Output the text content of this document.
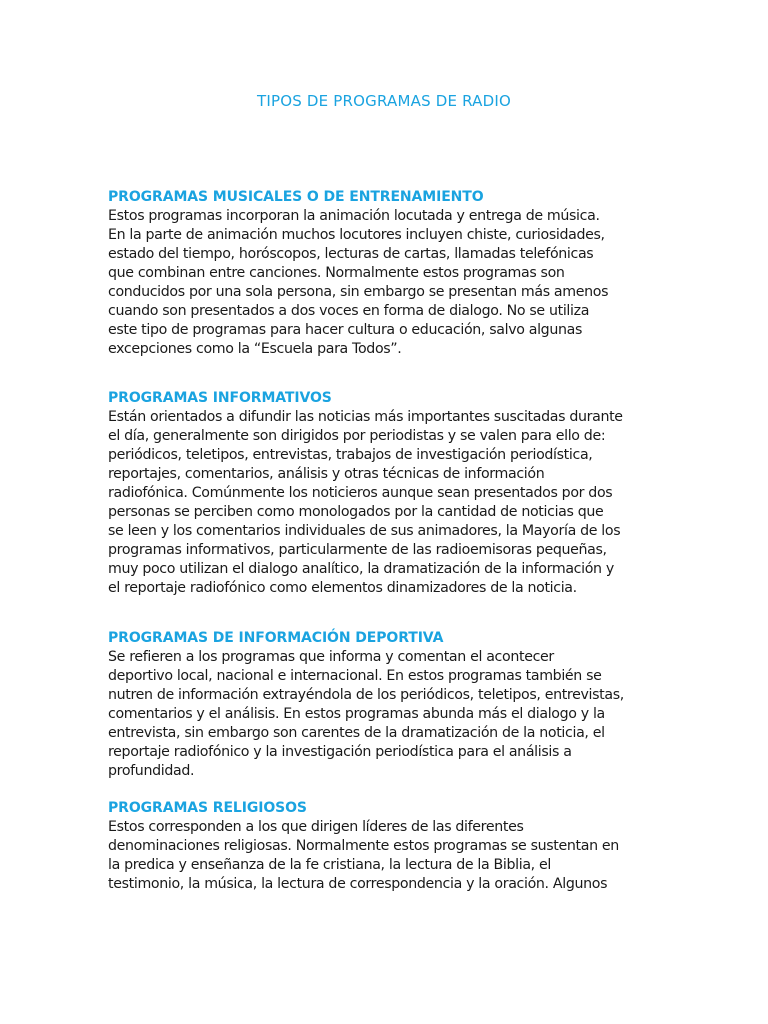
TIPOS DE PROGRAMAS DE RADIO
PROGRAMAS MUSICALES O DE ENTRENAMIENTO

Estos programas incorporan la animación locutada y entrega de música.
En la parte de animación muchos locutores incluyen chiste, curiosidades,
estado del tiempo, horóscopos, lecturas de cartas, llamadas telefónicas
que combinan entre canciones. Normalmente estos programas son
conducidos por una sola persona, sin embargo se presentan más amenos
cuando son presentados a dos voces en forma de dialogo. No se utiliza
este tipo de programas para hacer cultura o educación, salvo algunas
excepciones como la “Escuela para Todos”.

PROGRAMAS INFORMATIVOS

Están orientados a difundir las noticias más importantes suscitadas durante
el día, generalmente son dirigidos por periodistas y se valen para ello de:
periódicos, teletipos, entrevistas, trabajos de investigación periodística,
reportajes, comentarios, análisis y otras técnicas de información
radiofónica. Comúnmente los noticieros aunque sean presentados por dos
personas se perciben como monologados por la cantidad de noticias que
se leen y los comentarios individuales de sus animadores, la Mayoría de los
programas informativos, particularmente de las radioemisoras pequeñas,
muy poco utilizan el dialogo analítico, la dramatización de la información y
el reportaje radiofónico como elementos dinamizadores de la noticia.

PROGRAMAS DE INFORMACIÓN DEPORTIVA

Se refieren a los programas que informa y comentan el acontecer
deportivo local, nacional e internacional. En estos programas también se
nutren de información extrayéndola de los periódicos, teletipos, entrevistas,
comentarios y el análisis. En estos programas abunda más el dialogo y la
entrevista, sin embargo son carentes de la dramatización de la noticia, el
reportaje radiofónico y la investigación periodística para el análisis a
profundidad.

PROGRAMAS RELIGIOSOS

Estos corresponden a los que dirigen líderes de las diferentes
denominaciones religiosas. Normalmente estos programas se sustentan en
la predica y enseñanza de la fe cristiana, la lectura de la Biblia, el
testimonio, la música, la lectura de correspondencia y la oración. Algunos
